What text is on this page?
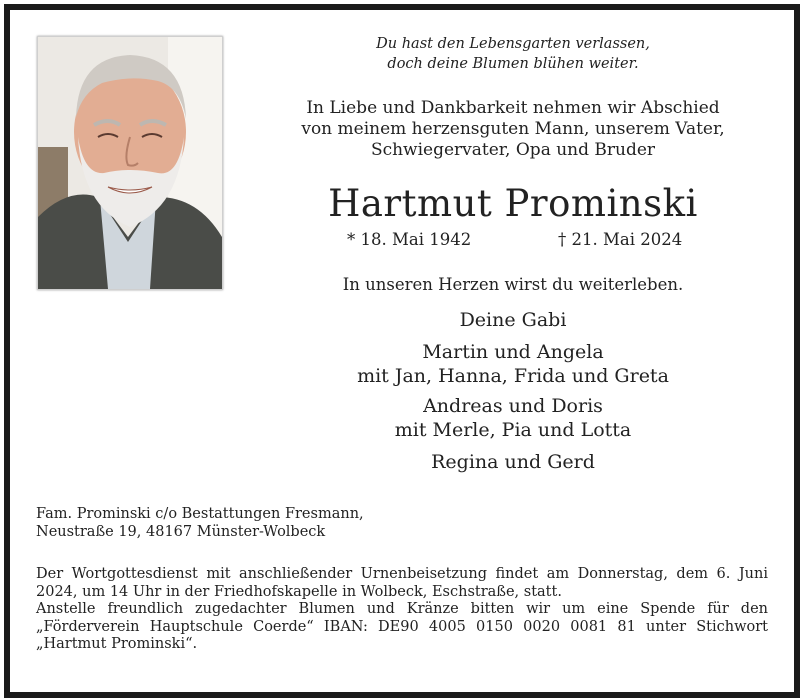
Du hast den Lebensgarten verlassen,
doch deine Blumen blühen weiter.
In Liebe und Dankbarkeit nehmen wir Abschied
von meinem herzensguten Mann, unserem Vater,
Schwiegervater, Opa und Bruder
Hartmut Prominski
* 18. Mai 1942	† 21. Mai 2024
In unseren Herzen wirst du weiterleben.
Deine Gabi
Martin und Angela
mit Jan, Hanna, Frida und Greta
Andreas und Doris
mit Merle, Pia und Lotta
Regina und Gerd
Fam. Prominski c/o Bestattungen Fresmann,
Neustraße 19, 48167 Münster-Wolbeck
Der Wortgottesdienst mit anschließender Urnenbeisetzung findet am Donnerstag, dem 6. Juni 2024, um 14 Uhr in der Friedhofskapelle in Wolbeck, Eschstraße, statt.
Anstelle freundlich zugedachter Blumen und Kränze bitten wir um eine Spende für den „Förderverein Hauptschule Coerde“ IBAN: DE90 4005 0150 0020 0081 81 unter Stichwort „Hartmut Prominski“.
